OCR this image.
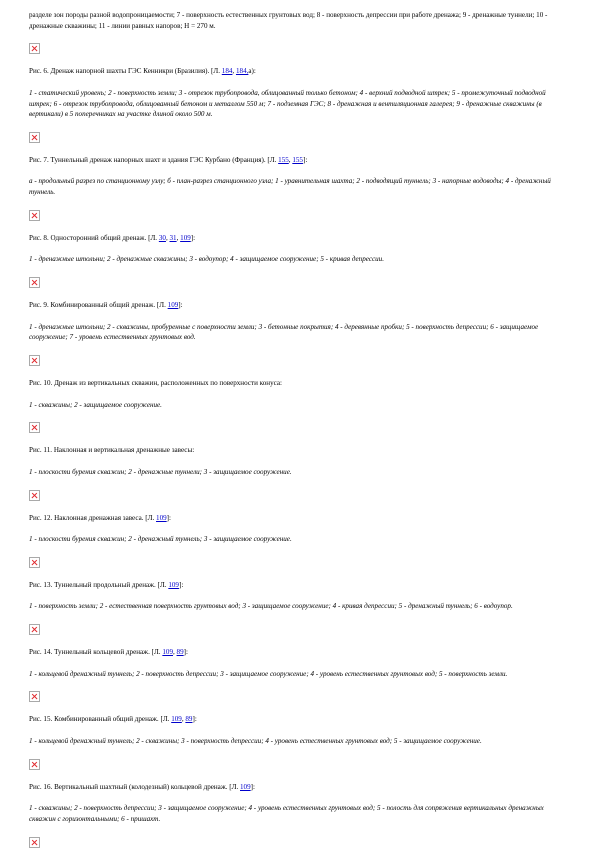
разделе зон породы разной водопроницаемости; 7 - поверхность естественных грунтовых вод; 8 - поверхность депрессии при работе дренажа; 9 - дренажные туннели; 10 - дренажные скважины; 11 - линии равных напоров; H = 270 м.

Рис. 6. Дренаж напорной шахты ГЭС Кенникри (Бразилия). [Л. 184, 184,а):

1 - статический уровень; 2 - поверхность земли; 3 - отрезок трубопровода, облицованный только бетоном; 4 - верхний подводной штрек; 5 - промежуточный подводной штрек; 6 - отрезок трубопровода, облицованный бетоном и металлом 550 м; 7 - подземная ГЭС; 8 - дренажная и вентиляционная галерея; 9 - дренажные скважины (в вертикали) в 5 поперечниках на участке длиной около 500 м.

Рис. 7. Туннельный дренаж напорных шахт и здания ГЭС Курбано (Франция). [Л. 155, 155]:

а - продольный разрез по станционному узлу; б - план-разрез станционного узла; 1 - уравнительная шахта; 2 - подводящий туннель; 3 - напорные водоводы; 4 - дренажный туннель.

Рис. 8. Односторонний общий дренаж. [Л. 30, 31, 109]:

1 - дренажные штольни; 2 - дренажные скважины; 3 - водоупор; 4 - защищаемое сооружение; 5 - кривая депрессии.

Рис. 9. Комбинированный общий дренаж. [Л. 109]:

1 - дренажные штольни; 2 - скважины, пробуренные с поверхности земли; 3 - бетонные покрытия; 4 - деревянные пробки; 5 - поверхность депрессии; 6 - защищаемое сооружение; 7 - уровень естественных грунтовых вод.

Рис. 10. Дренаж из вертикальных скважин, расположенных по поверхности конуса:

1 - скважины; 2 - защищаемое сооружение.

Рис. 11. Наклонная и вертикальная дренажные завесы:

1 - плоскости бурения скважин; 2 - дренажные туннели; 3 - защищаемое сооружение.

Рис. 12. Наклонная дренажная завеса. [Л. 109]:

1 - плоскости бурения скважин; 2 - дренажный туннель; 3 - защищаемое сооружение.

Рис. 13. Туннельный продольный дренаж. [Л. 109]:

1 - поверхность земли; 2 - естественная поверхность грунтовых вод; 3 - защищаемое сооружение; 4 - кривая депрессии; 5 - дренажный туннель; 6 - водоупор.

Рис. 14. Туннельный кольцевой дренаж. [Л. 109, 89]:

1 - кольцевой дренажный туннель; 2 - поверхность депрессии; 3 - защищаемое сооружение; 4 - уровень естественных грунтовых вод; 5 - поверхность земли.

Рис. 15. Комбинированный общий дренаж. [Л. 109, 89]:

1 - кольцевой дренажный туннель; 2 - скважины; 3 - поверхность депрессии; 4 - уровень естественных грунтовых вод; 5 - защищаемое сооружение.

Рис. 16. Вертикальный шахтный (колодезный) кольцевой дренаж. [Л. 109]:

1 - скважины; 2 - поверхность депрессии; 3 - защищаемое сооружение; 4 - уровень естественных грунтовых вод; 5 - полость для сопряжения вертикальных дренажных скважин с горизонтальными; 6 - пришахт.
